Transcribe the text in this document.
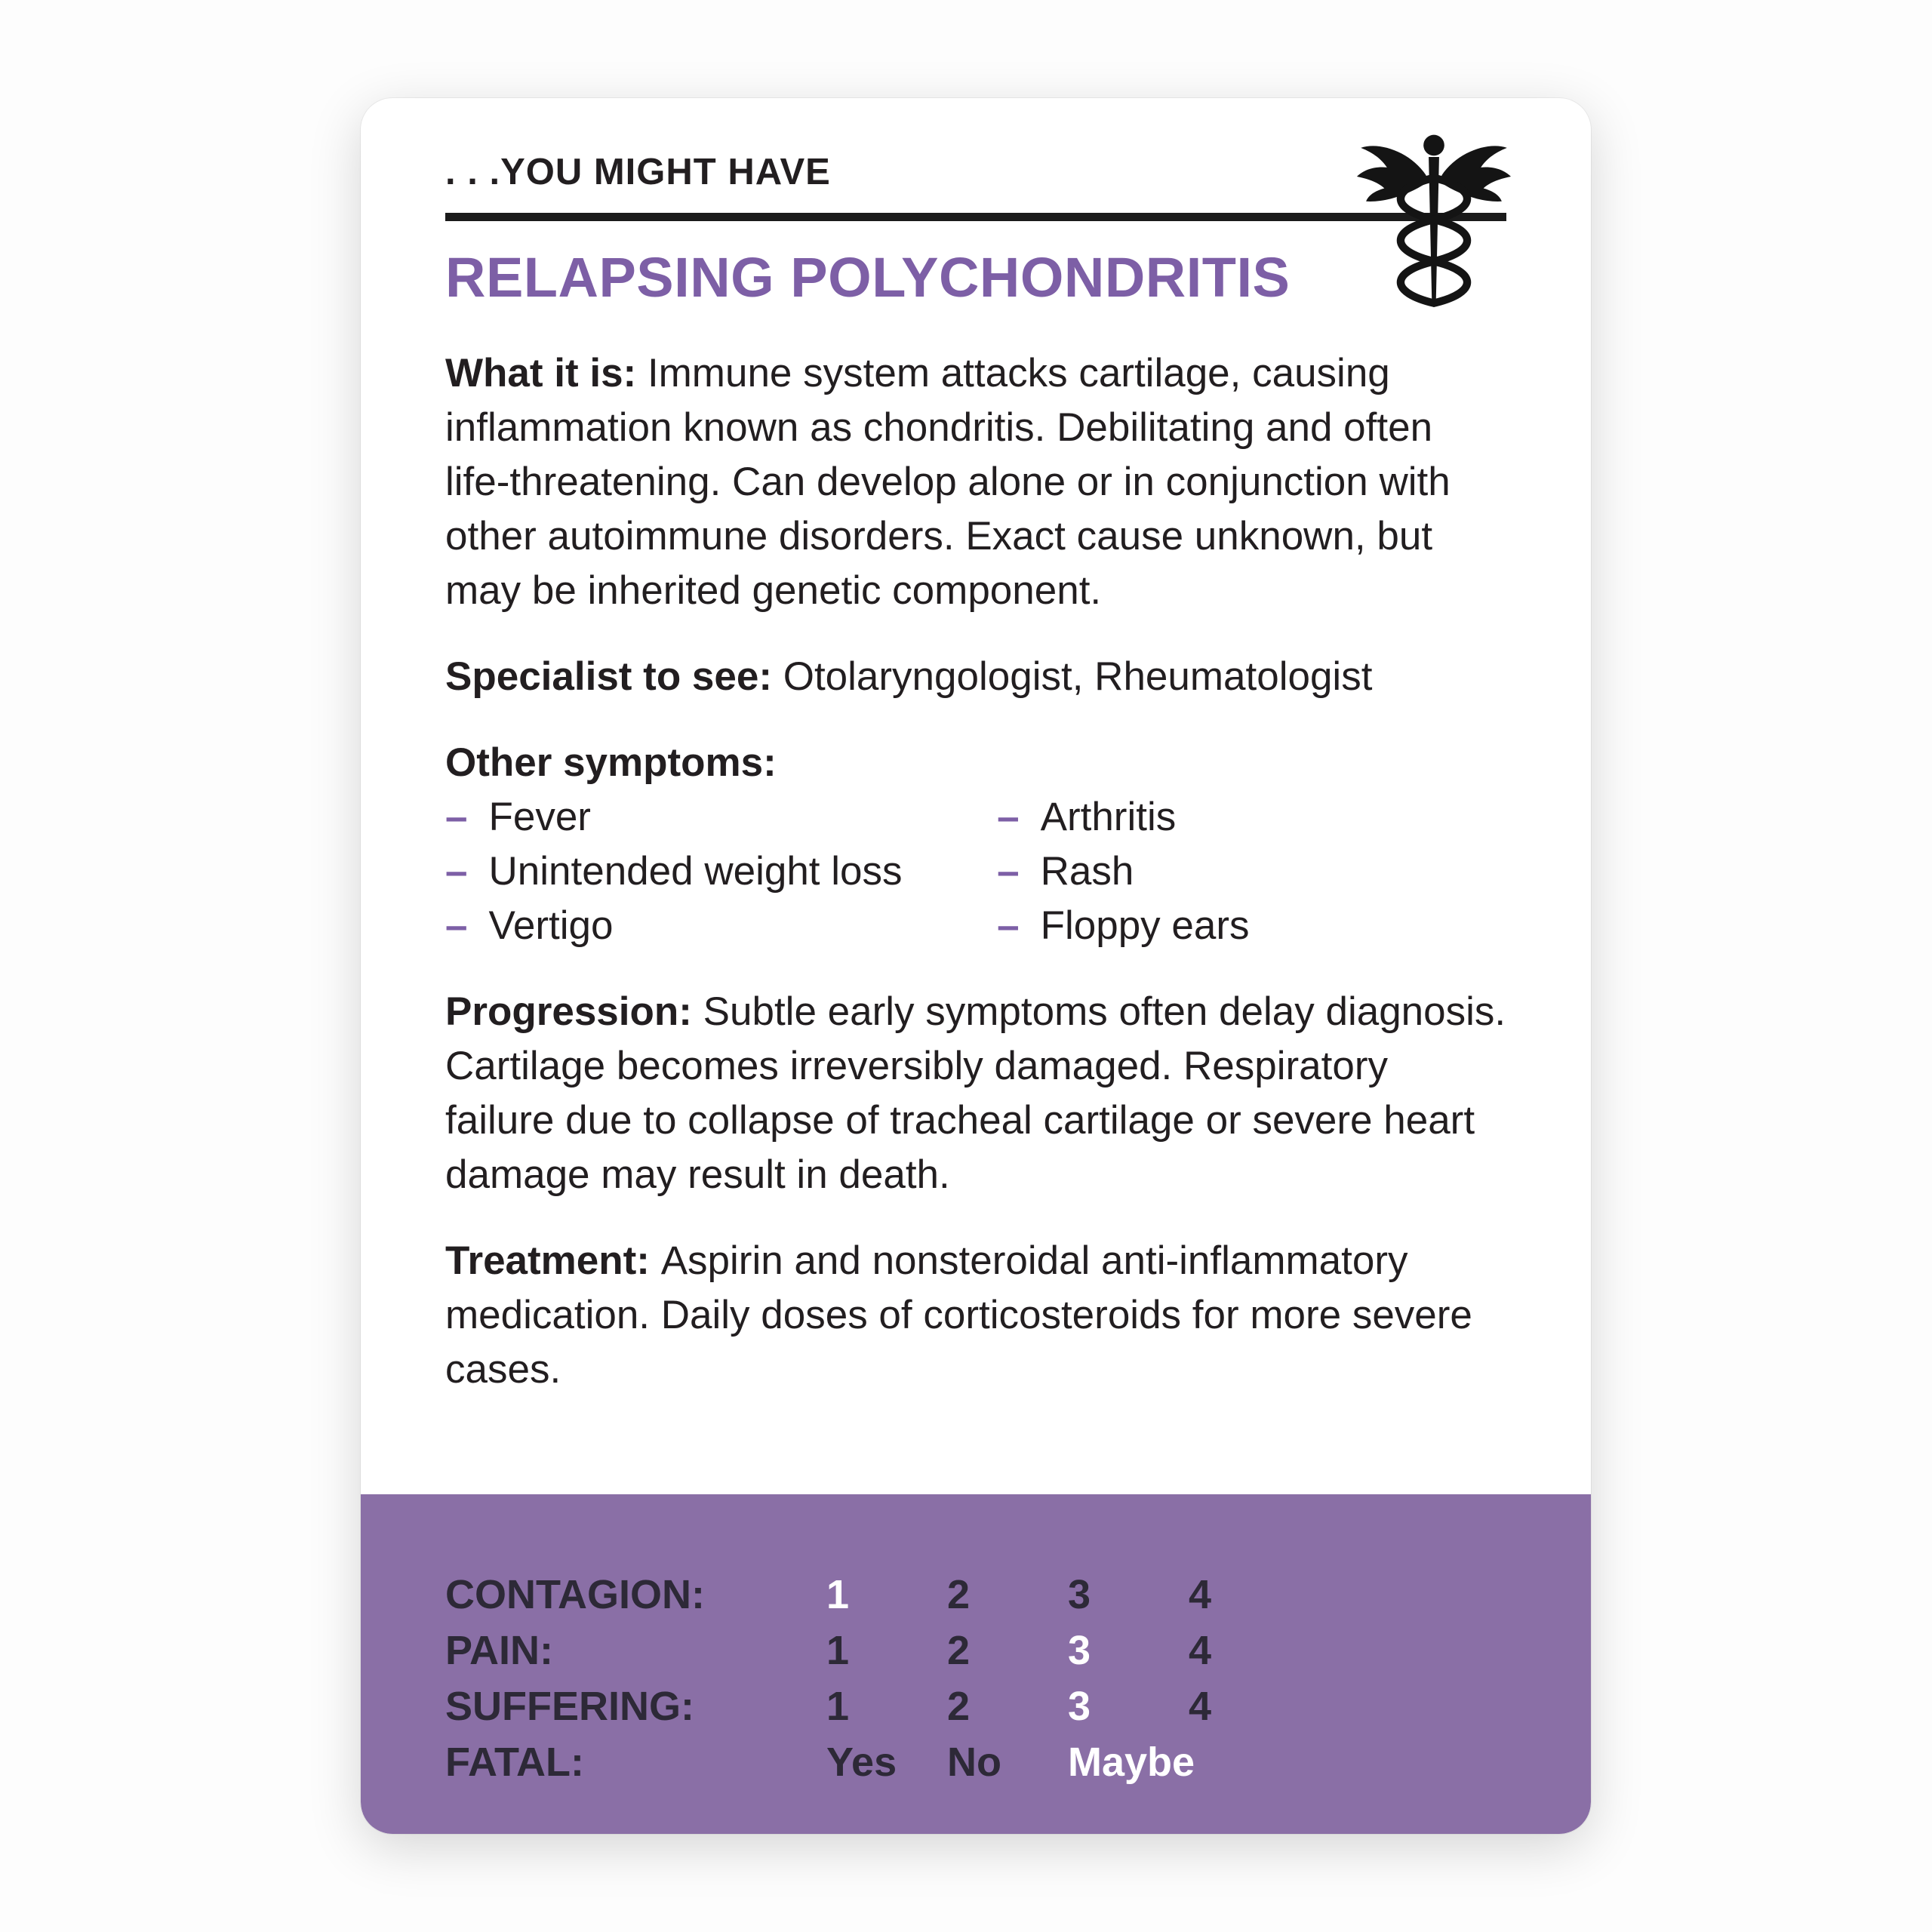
. . .YOU MIGHT HAVE

RELAPSING POLYCHONDRITIS

What it is: Immune system attacks cartilage, causing inflammation known as chondritis. Debilitating and often life-threatening. Can develop alone or in conjunction with other autoimmune disorders. Exact cause unknown, but may be inherited genetic component.

Specialist to see: Otolaryngologist, Rheumatologist

Other symptoms:

– Fever
– Unintended weight loss
– Vertigo
– Arthritis
– Rash
– Floppy ears

Progression: Subtle early symptoms often delay diagnosis. Cartilage becomes irreversibly damaged. Respiratory failure due to collapse of tracheal cartilage or severe heart damage may result in death.

Treatment: Aspirin and nonsteroidal anti-inflammatory medication. Daily doses of corticosteroids for more severe cases.

CONTAGION:	1	2	3	4
PAIN:	1	2	3	4
SUFFERING:	1	2	3	4
FATAL:	Yes	No	Maybe
